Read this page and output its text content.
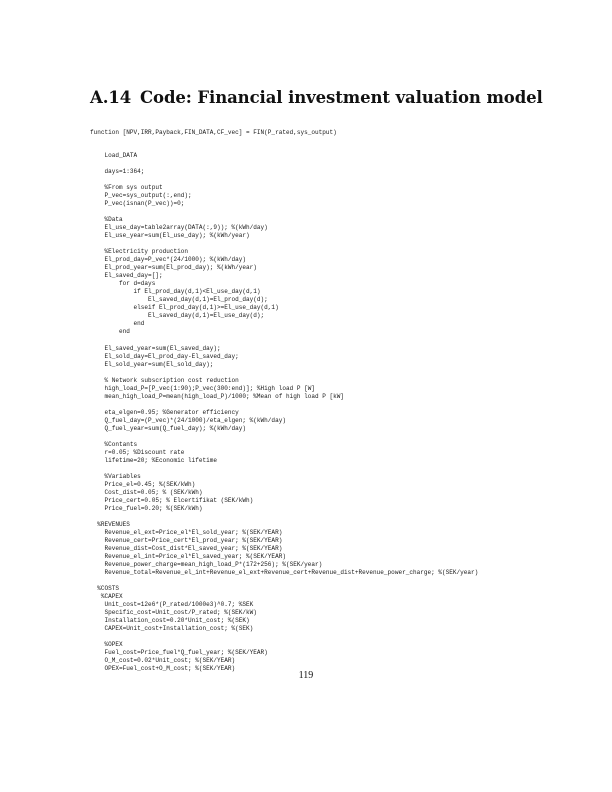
A.14 Code: Financial investment valuation model

function [NPV,IRR,Payback,FIN_DATA,CF_vec] = FIN(P_rated,sys_output)

Load_DATA
days=1:364;
%From sys output
P_vec=sys_output(:,end);
P_vec(isnan(P_vec))=0;
%Data
El_use_day=table2array(DATA(:,9)); %(kWh/day)
El_use_year=sum(El_use_day); %(kWh/year)
%Electricity production
El_prod_day=P_vec*(24/1000); %(kWh/day)
El_prod_year=sum(El_prod_day); %(kWh/year)
El_saved_day=[];
for d=days
if El_prod_day(d,1)<El_use_day(d,1)
El_saved_day(d,1)=El_prod_day(d);
elseif El_prod_day(d,1)>=El_use_day(d,1)
El_saved_day(d,1)=El_use_day(d);
end
end
El_saved_year=sum(El_saved_day);
El_sold_day=El_prod_day-El_saved_day;
El_sold_year=sum(El_sold_day);
% Network subscription cost reduction
high_load_P=[P_vec(1:90);P_vec(300:end)]; %High load P [W]
mean_high_load_P=mean(high_load_P)/1000; %Mean of high load P [kW]
eta_elgen=0.95; %Generator efficiency
Q_fuel_day=(P_vec)*(24/1000)/eta_elgen; %(kWh/day)
Q_fuel_year=sum(Q_fuel_day); %(kWh/day)
%Contants
r=0.05; %Discount rate
lifetime=20; %Economic lifetime
%Variables
Price_el=0.45; %(SEK/kWh)
Cost_dist=0.05; % (SEK/kWh)
Price_cert=0.05; % Elcertifikat (SEK/kWh)
Price_fuel=0.20; %(SEK/kWh)
%REVENUES
Revenue_el_ext=Price_el*El_sold_year; %(SEK/YEAR)
Revenue_cert=Price_cert*El_prod_year; %(SEK/YEAR)
Revenue_dist=Cost_dist*El_saved_year; %(SEK/YEAR)
Revenue_el_int=Price_el*El_saved_year; %(SEK/YEAR)
Revenue_power_charge=mean_high_load_P*(172+256); %(SEK/year)
Revenue_total=Revenue_el_int+Revenue_el_ext+Revenue_cert+Revenue_dist+Revenue_power_charge; %(SEK/year)
%COSTS
%CAPEX
Unit_cost=12e6*(P_rated/1000e3)^0.7; %SEK
Specific_cost=Unit_cost/P_rated; %(SEK/kW)
Installation_cost=0.20*Unit_cost; %(SEK)
CAPEX=Unit_cost+Installation_cost; %(SEK)
%OPEX
Fuel_cost=Price_fuel*Q_fuel_year; %(SEK/YEAR)
O_M_cost=0.02*Unit_cost; %(SEK/YEAR)
OPEX=Fuel_cost+O_M_cost; %(SEK/YEAR)
119
